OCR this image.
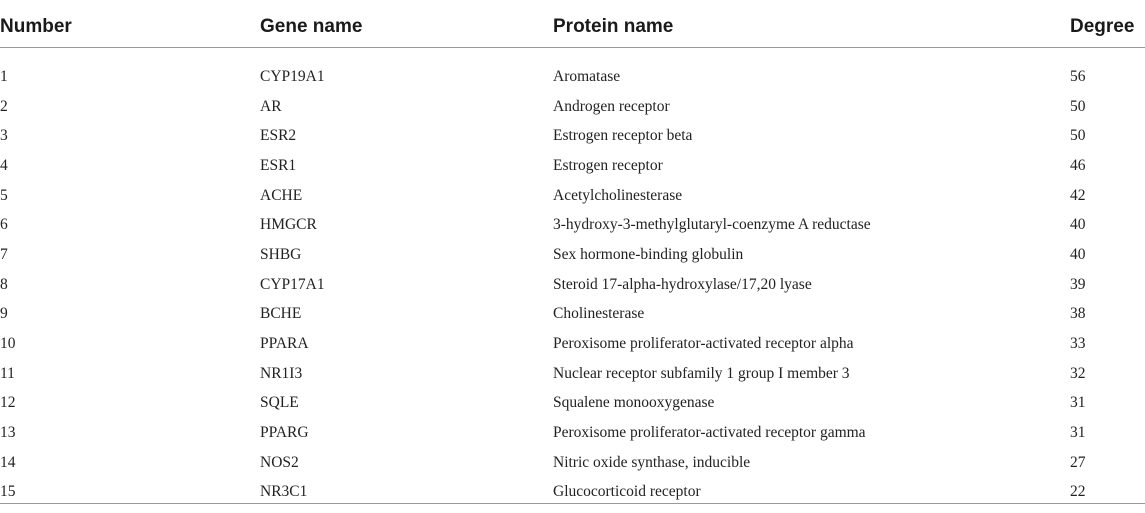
Number	Gene name	Protein name	Degree
1	CYP19A1	Aromatase	56
2	AR	Androgen receptor	50
3	ESR2	Estrogen receptor beta	50
4	ESR1	Estrogen receptor	46
5	ACHE	Acetylcholinesterase	42
6	HMGCR	3-hydroxy-3-methylglutaryl-coenzyme A reductase	40
7	SHBG	Sex hormone-binding globulin	40
8	CYP17A1	Steroid 17-alpha-hydroxylase/17,20 lyase	39
9	BCHE	Cholinesterase	38
10	PPARA	Peroxisome proliferator-activated receptor alpha	33
11	NR1I3	Nuclear receptor subfamily 1 group I member 3	32
12	SQLE	Squalene monooxygenase	31
13	PPARG	Peroxisome proliferator-activated receptor gamma	31
14	NOS2	Nitric oxide synthase, inducible	27
15	NR3C1	Glucocorticoid receptor	22
